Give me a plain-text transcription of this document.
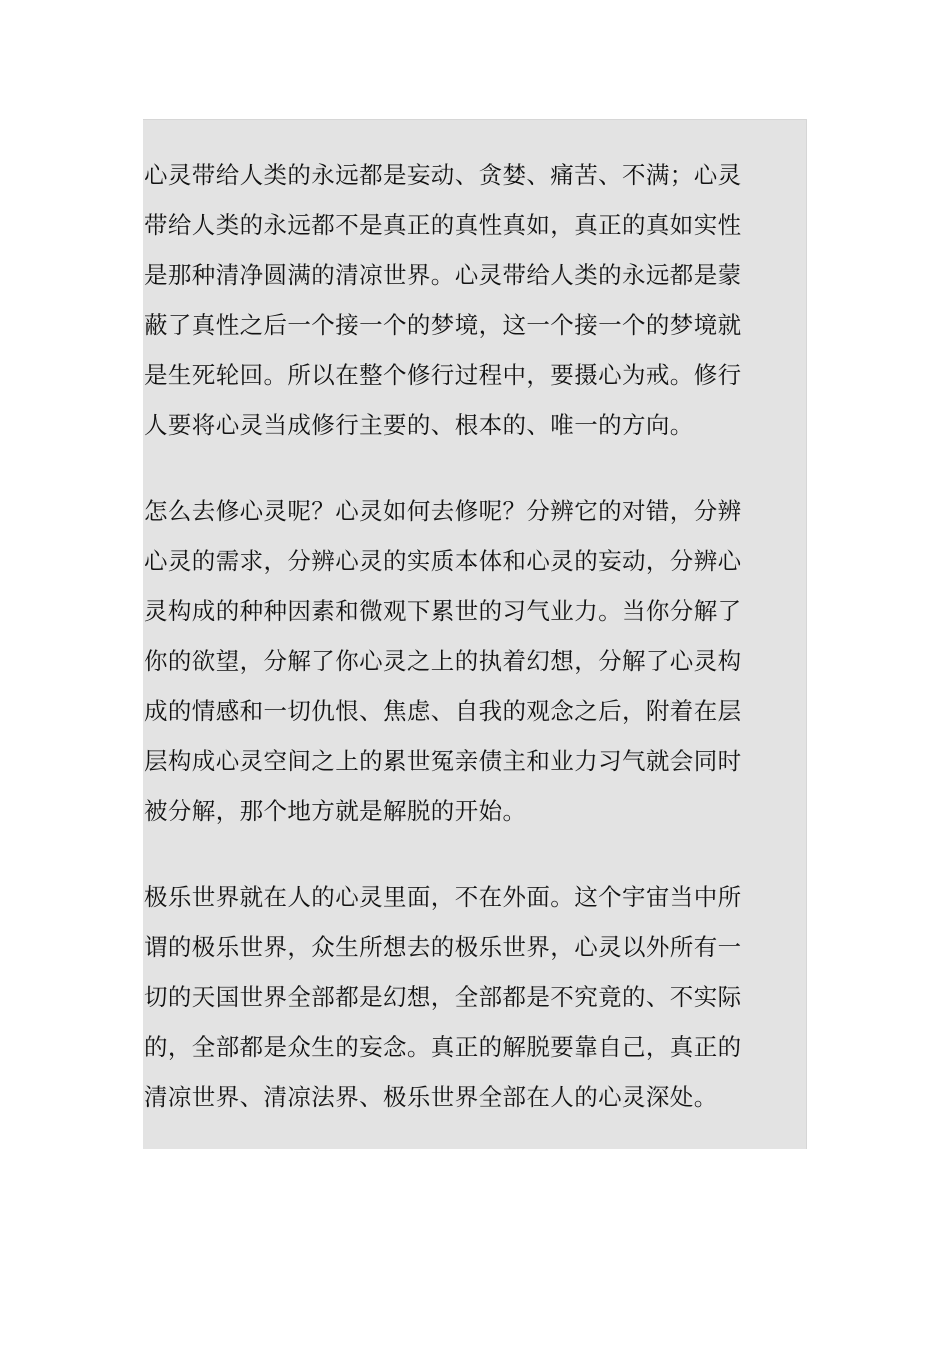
心灵带给人类的永远都是妄动、贪婪、痛苦、不满；心灵
带给人类的永远都不是真正的真性真如，真正的真如实性
是那种清净圆满的清凉世界。心灵带给人类的永远都是蒙
蔽了真性之后一个接一个的梦境，这一个接一个的梦境就
是生死轮回。所以在整个修行过程中，要摄心为戒。修行
人要将心灵当成修行主要的、根本的、唯一的方向。

怎么去修心灵呢？心灵如何去修呢？分辨它的对错，分辨
心灵的需求，分辨心灵的实质本体和心灵的妄动，分辨心
灵构成的种种因素和微观下累世的习气业力。当你分解了
你的欲望，分解了你心灵之上的执着幻想，分解了心灵构
成的情感和一切仇恨、焦虑、自我的观念之后，附着在层
层构成心灵空间之上的累世冤亲债主和业力习气就会同时
被分解，那个地方就是解脱的开始。

极乐世界就在人的心灵里面，不在外面。这个宇宙当中所
谓的极乐世界，众生所想去的极乐世界，心灵以外所有一
切的天国世界全部都是幻想，全部都是不究竟的、不实际
的，全部都是众生的妄念。真正的解脱要靠自己，真正的
清凉世界、清凉法界、极乐世界全部在人的心灵深处。
